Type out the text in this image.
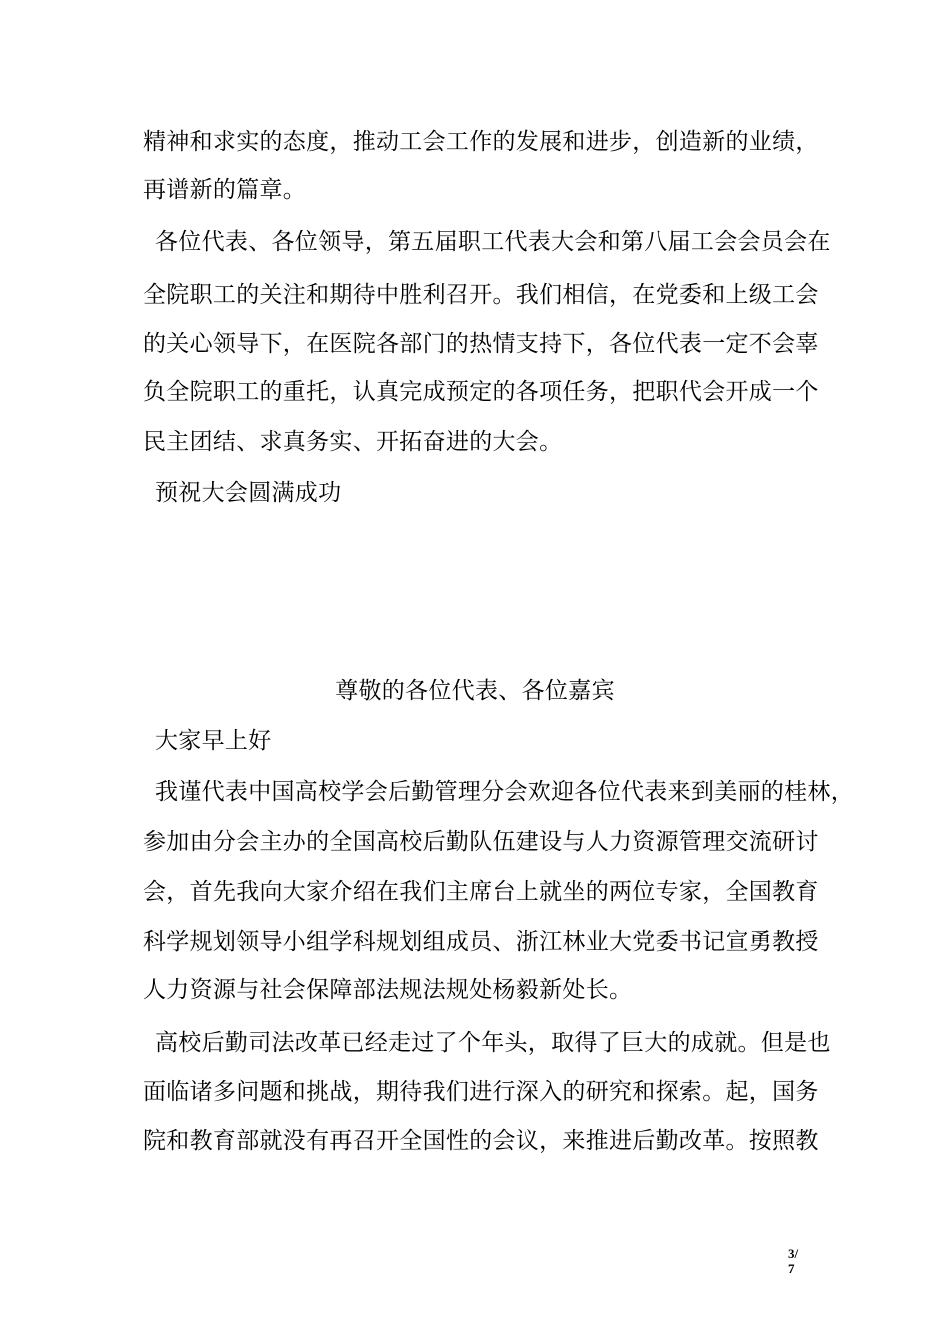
精神和求实的态度，推动工会工作的发展和进步，创造新的业绩，
再谱新的篇章。
各位代表、各位领导，第五届职工代表大会和第八届工会会员会在
全院职工的关注和期待中胜利召开。我们相信，在党委和上级工会
的关心领导下，在医院各部门的热情支持下，各位代表一定不会辜
负全院职工的重托，认真完成预定的各项任务，把职代会开成一个
民主团结、求真务实、开拓奋进的大会。
预祝大会圆满成功
尊敬的各位代表、各位嘉宾
大家早上好
我谨代表中国高校学会后勤管理分会欢迎各位代表来到美丽的桂林，
参加由分会主办的全国高校后勤队伍建设与人力资源管理交流研讨
会，首先我向大家介绍在我们主席台上就坐的两位专家，全国教育
科学规划领导小组学科规划组成员、浙江林业大党委书记宣勇教授
人力资源与社会保障部法规法规处杨毅新处长。
高校后勤司法改革已经走过了个年头，取得了巨大的成就。但是也
面临诸多问题和挑战，期待我们进行深入的研究和探索。起，国务
院和教育部就没有再召开全国性的会议，来推进后勤改革。按照教
3/
7
